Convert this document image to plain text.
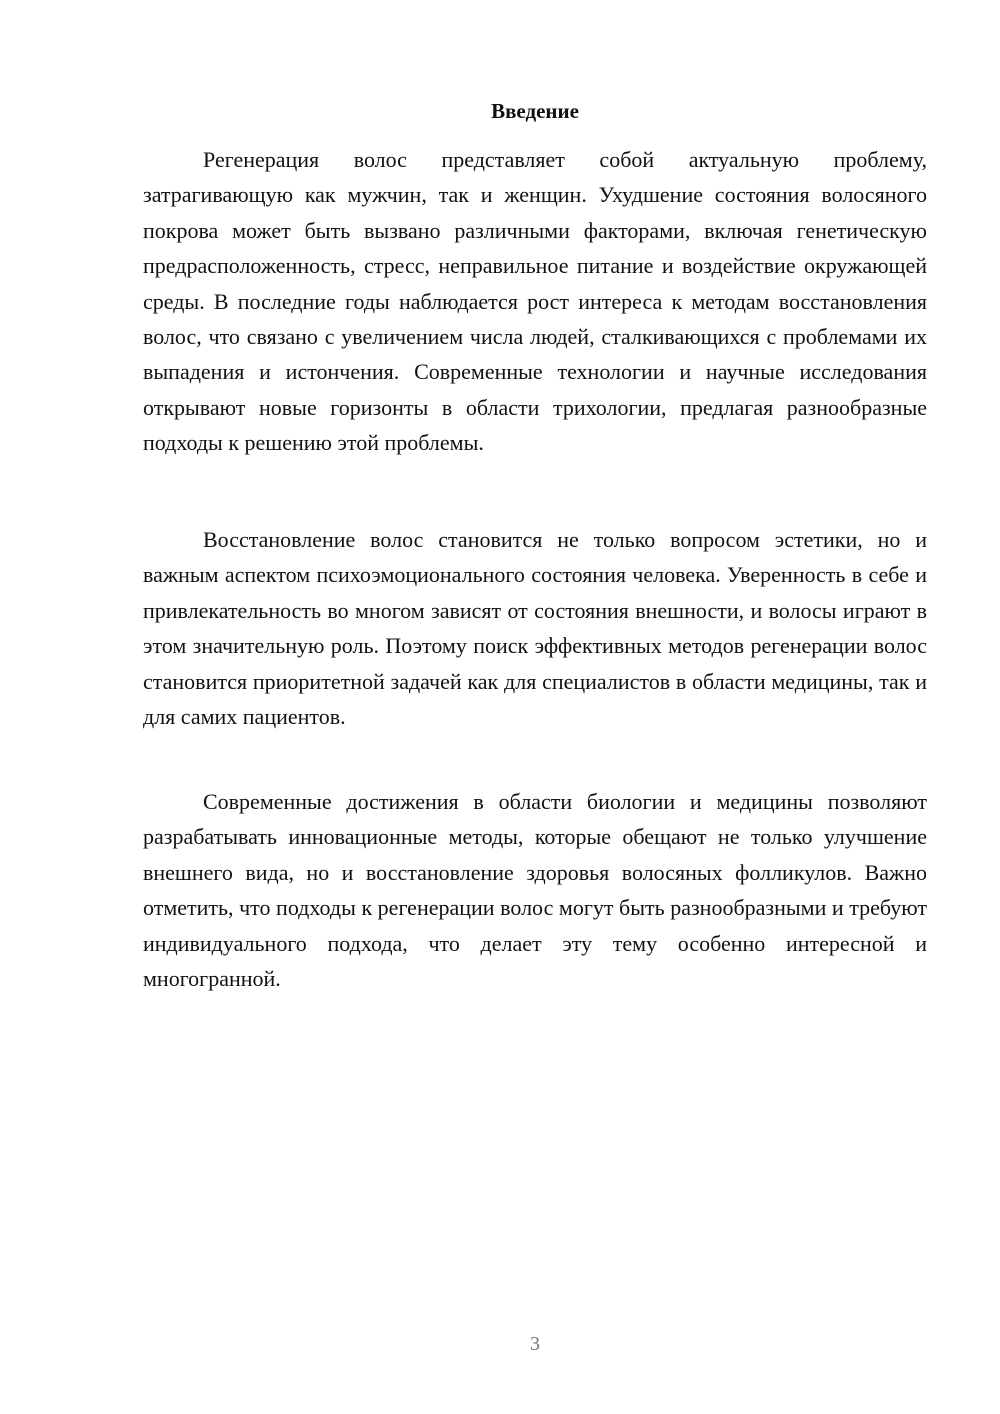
Введение

Регенерация волос представляет собой актуальную проблему, затрагивающую как мужчин, так и женщин. Ухудшение состояния волосяного покрова может быть вызвано различными факторами, включая генетическую предрасположенность, стресс, неправильное питание и воздействие окружающей среды. В последние годы наблюдается рост интереса к методам восстановления волос, что связано с увеличением числа людей, сталкивающихся с проблемами их выпадения и истончения. Современные технологии и научные исследования открывают новые горизонты в области трихологии, предлагая разнообразные подходы к решению этой проблемы.

Восстановление волос становится не только вопросом эстетики, но и важным аспектом психоэмоционального состояния человека. Уверенность в себе и привлекательность во многом зависят от состояния внешности, и волосы играют в этом значительную роль. Поэтому поиск эффективных методов регенерации волос становится приоритетной задачей как для специалистов в области медицины, так и для самих пациентов.

Современные достижения в области биологии и медицины позволяют разрабатывать инновационные методы, которые обещают не только улучшение внешнего вида, но и восстановление здоровья волосяных фолликулов. Важно отметить, что подходы к регенерации волос могут быть разнообразными и требуют индивидуального подхода, что делает эту тему особенно интересной и многогранной.

3
